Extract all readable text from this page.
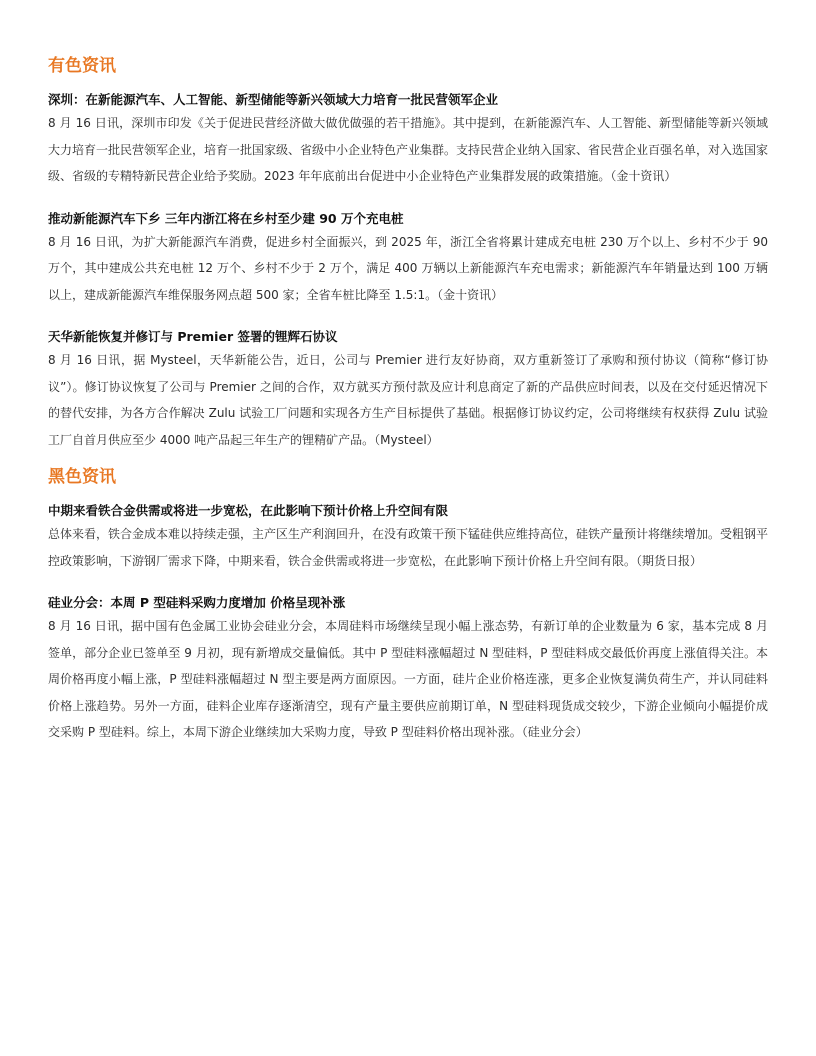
有色资讯

深圳：在新能源汽车、人工智能、新型储能等新兴领域大力培育一批民营领军企业

8 月 16 日讯，深圳市印发《关于促进民营经济做大做优做强的若干措施》。其中提到，在新能源汽车、人工智能、新型储能等新兴领域大力培育一批民营领军企业，培育一批国家级、省级中小企业特色产业集群。支持民营企业纳入国家、省民营企业百强名单，对入选国家级、省级的专精特新民营企业给予奖励。2023 年年底前出台促进中小企业特色产业集群发展的政策措施。（金十资讯）

推动新能源汽车下乡 三年内浙江将在乡村至少建 90 万个充电桩

8 月 16 日讯，为扩大新能源汽车消费，促进乡村全面振兴，到 2025 年，浙江全省将累计建成充电桩 230 万个以上、乡村不少于 90 万个，其中建成公共充电桩 12 万个、乡村不少于 2 万个，满足 400 万辆以上新能源汽车充电需求；新能源汽车年销量达到 100 万辆以上，建成新能源汽车维保服务网点超 500 家；全省车桩比降至 1.5:1。（金十资讯）

天华新能恢复并修订与 Premier 签署的锂辉石协议

8 月 16 日讯，据 Mysteel，天华新能公告，近日，公司与 Premier 进行友好协商，双方重新签订了承购和预付协议（简称“修订协议”）。修订协议恢复了公司与 Premier 之间的合作，双方就买方预付款及应计利息商定了新的产品供应时间表，以及在交付延迟情况下的替代安排，为各方合作解决 Zulu 试验工厂问题和实现各方生产目标提供了基础。根据修订协议约定，公司将继续有权获得 Zulu 试验工厂自首月供应至少 4000 吨产品起三年生产的锂精矿产品。（Mysteel）

黑色资讯

中期来看铁合金供需或将进一步宽松，在此影响下预计价格上升空间有限

总体来看，铁合金成本难以持续走强，主产区生产利润回升，在没有政策干预下锰硅供应维持高位，硅铁产量预计将继续增加。受粗钢平控政策影响，下游钢厂需求下降，中期来看，铁合金供需或将进一步宽松，在此影响下预计价格上升空间有限。（期货日报）

硅业分会：本周 P 型硅料采购力度增加 价格呈现补涨

8 月 16 日讯，据中国有色金属工业协会硅业分会，本周硅料市场继续呈现小幅上涨态势，有新订单的企业数量为 6 家，基本完成 8 月签单，部分企业已签单至 9 月初，现有新增成交量偏低。其中 P 型硅料涨幅超过 N 型硅料，P 型硅料成交最低价再度上涨值得关注。本周价格再度小幅上涨，P 型硅料涨幅超过 N 型主要是两方面原因。一方面，硅片企业价格连涨，更多企业恢复满负荷生产，并认同硅料价格上涨趋势。另外一方面，硅料企业库存逐渐清空，现有产量主要供应前期订单，N 型硅料现货成交较少，下游企业倾向小幅提价成交采购 P 型硅料。综上，本周下游企业继续加大采购力度，导致 P 型硅料价格出现补涨。（硅业分会）
